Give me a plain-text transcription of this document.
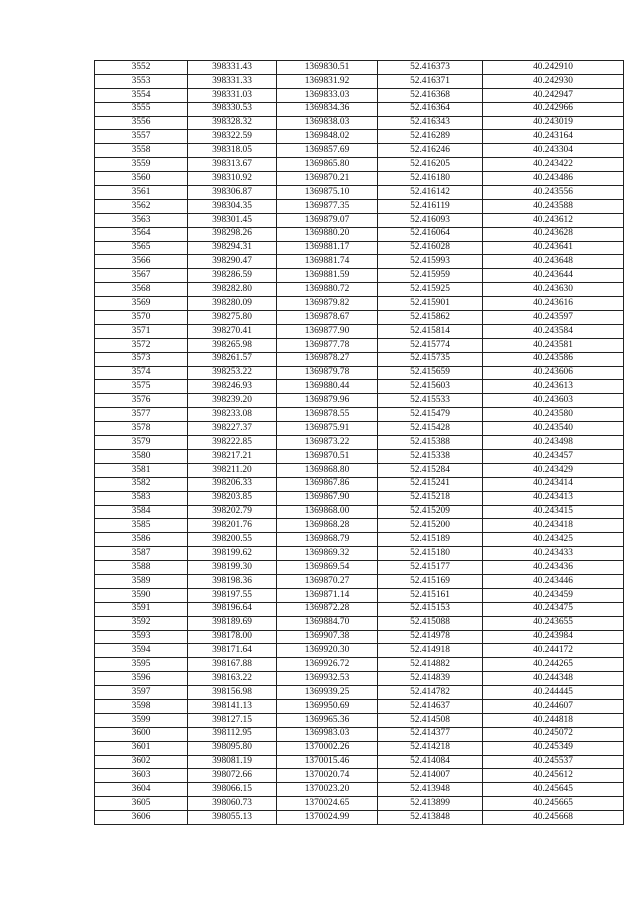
3552	398331.43	1369830.51	52.416373	40.242910
3553	398331.33	1369831.92	52.416371	40.242930
3554	398331.03	1369833.03	52.416368	40.242947
3555	398330.53	1369834.36	52.416364	40.242966
3556	398328.32	1369838.03	52.416343	40.243019
3557	398322.59	1369848.02	52.416289	40.243164
3558	398318.05	1369857.69	52.416246	40.243304
3559	398313.67	1369865.80	52.416205	40.243422
3560	398310.92	1369870.21	52.416180	40.243486
3561	398306.87	1369875.10	52.416142	40.243556
3562	398304.35	1369877.35	52.416119	40.243588
3563	398301.45	1369879.07	52.416093	40.243612
3564	398298.26	1369880.20	52.416064	40.243628
3565	398294.31	1369881.17	52.416028	40.243641
3566	398290.47	1369881.74	52.415993	40.243648
3567	398286.59	1369881.59	52.415959	40.243644
3568	398282.80	1369880.72	52.415925	40.243630
3569	398280.09	1369879.82	52.415901	40.243616
3570	398275.80	1369878.67	52.415862	40.243597
3571	398270.41	1369877.90	52.415814	40.243584
3572	398265.98	1369877.78	52.415774	40.243581
3573	398261.57	1369878.27	52.415735	40.243586
3574	398253.22	1369879.78	52.415659	40.243606
3575	398246.93	1369880.44	52.415603	40.243613
3576	398239.20	1369879.96	52.415533	40.243603
3577	398233.08	1369878.55	52.415479	40.243580
3578	398227.37	1369875.91	52.415428	40.243540
3579	398222.85	1369873.22	52.415388	40.243498
3580	398217.21	1369870.51	52.415338	40.243457
3581	398211.20	1369868.80	52.415284	40.243429
3582	398206.33	1369867.86	52.415241	40.243414
3583	398203.85	1369867.90	52.415218	40.243413
3584	398202.79	1369868.00	52.415209	40.243415
3585	398201.76	1369868.28	52.415200	40.243418
3586	398200.55	1369868.79	52.415189	40.243425
3587	398199.62	1369869.32	52.415180	40.243433
3588	398199.30	1369869.54	52.415177	40.243436
3589	398198.36	1369870.27	52.415169	40.243446
3590	398197.55	1369871.14	52.415161	40.243459
3591	398196.64	1369872.28	52.415153	40.243475
3592	398189.69	1369884.70	52.415088	40.243655
3593	398178.00	1369907.38	52.414978	40.243984
3594	398171.64	1369920.30	52.414918	40.244172
3595	398167.88	1369926.72	52.414882	40.244265
3596	398163.22	1369932.53	52.414839	40.244348
3597	398156.98	1369939.25	52.414782	40.244445
3598	398141.13	1369950.69	52.414637	40.244607
3599	398127.15	1369965.36	52.414508	40.244818
3600	398112.95	1369983.03	52.414377	40.245072
3601	398095.80	1370002.26	52.414218	40.245349
3602	398081.19	1370015.46	52.414084	40.245537
3603	398072.66	1370020.74	52.414007	40.245612
3604	398066.15	1370023.20	52.413948	40.245645
3605	398060.73	1370024.65	52.413899	40.245665
3606	398055.13	1370024.99	52.413848	40.245668
